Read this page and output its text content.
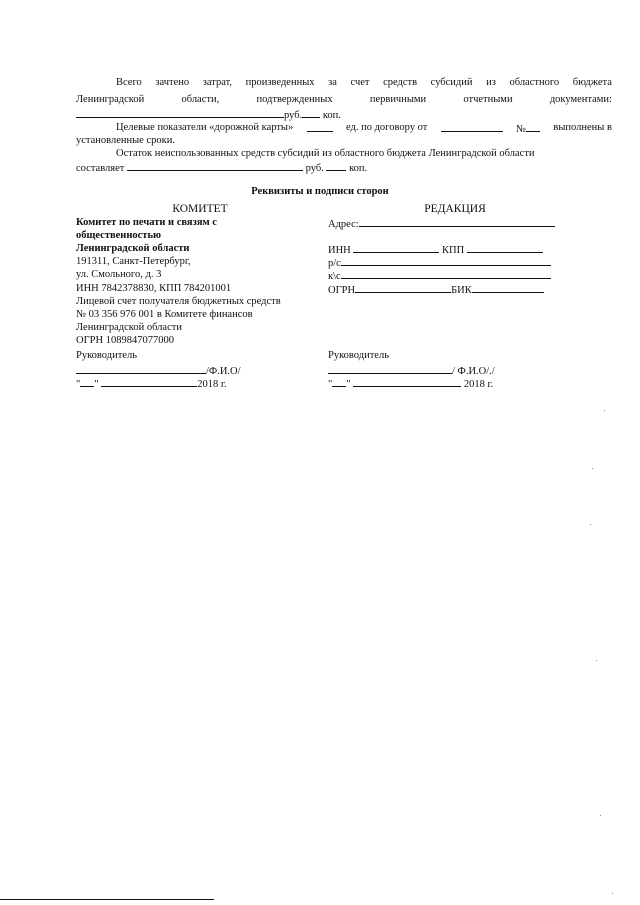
Всего зачтено затрат, произведенных за счет средств субсидий из областного бюджета
Ленинградской	области,	подтвержденных	первичными	отчетными	документами:
руб. коп.
Целевые показатели «дорожной карты»	ед. по договору от	№	выполнены в
установленные сроки.
Остаток неиспользованных средств субсидий из областного бюджета Ленинградской области
составляет	руб. коп.
Реквизиты и подписи сторон
КОМИТЕТ
Комитет по печати и связям с
общественностью
Ленинградской области
191311, Санкт-Петербург,
ул. Смольного, д. 3
ИНН 7842378830, КПП 784201001
Лицевой счет получателя бюджетных средств
№ 03 356 976 001 в Комитете финансов
Ленинградской области
ОГРН 1089847077000
Руководитель
/Ф.И.О/
" "	2018 г.
РЕДАКЦИЯ
Адрес:
ИНН	КПП
р/с
к\с
ОГРН	БИК
Руководитель
/ Ф.И.О/./
" "	2018 г.
